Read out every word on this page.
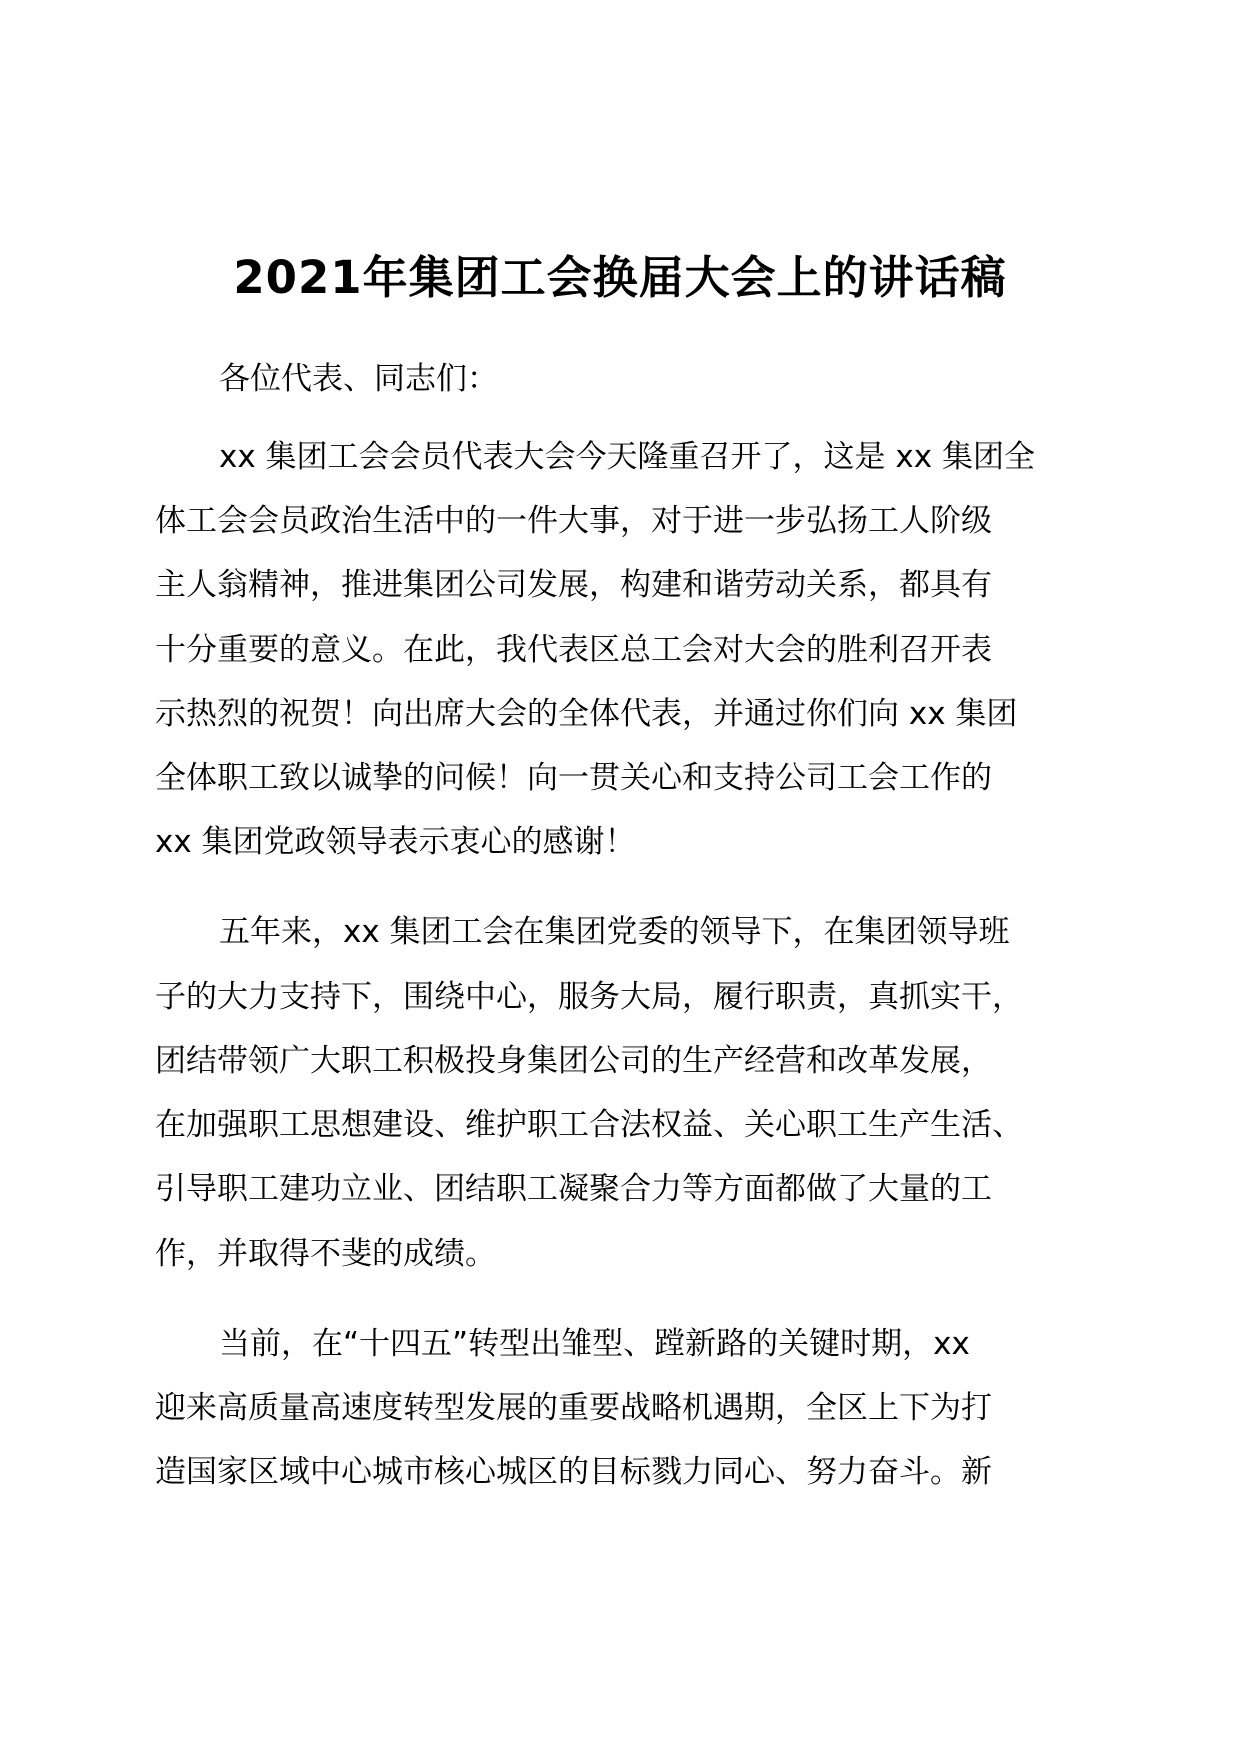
2021年集团工会换届大会上的讲话稿
各位代表、同志们：
xx 集团工会会员代表大会今天隆重召开了，这是 xx 集团全
体工会会员政治生活中的一件大事，对于进一步弘扬工人阶级
主人翁精神，推进集团公司发展，构建和谐劳动关系，都具有
十分重要的意义。在此，我代表区总工会对大会的胜利召开表
示热烈的祝贺！向出席大会的全体代表，并通过你们向 xx 集团
全体职工致以诚挚的问候！向一贯关心和支持公司工会工作的
xx 集团党政领导表示衷心的感谢！
五年来，xx 集团工会在集团党委的领导下，在集团领导班
子的大力支持下，围绕中心，服务大局，履行职责，真抓实干，
团结带领广大职工积极投身集团公司的生产经营和改革发展，
在加强职工思想建设、维护职工合法权益、关心职工生产生活、
引导职工建功立业、团结职工凝聚合力等方面都做了大量的工
作，并取得不斐的成绩。
当前，在“十四五”转型出雏型、蹚新路的关键时期，xx
迎来高质量高速度转型发展的重要战略机遇期，全区上下为打
造国家区域中心城市核心城区的目标戮力同心、努力奋斗。新
